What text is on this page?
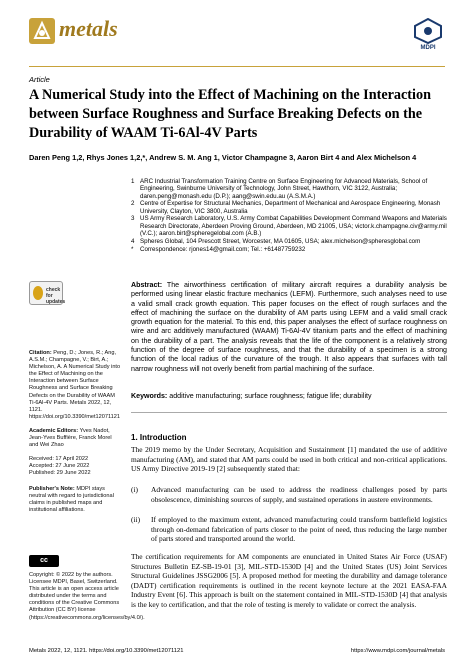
metals
MDPI
Article
A Numerical Study into the Effect of Machining on the Interaction between Surface Roughness and Surface Breaking Defects on the Durability of WAAM Ti-6Al-4V Parts
Daren Peng 1,2, Rhys Jones 1,2,*, Andrew S. M. Ang 1, Victor Champagne 3, Aaron Birt 4 and Alex Michelson 4
1 ARC Industrial Transformation Training Centre on Surface Engineering for Advanced Materials, School of Engineering, Swinburne University of Technology, John Street, Hawthorn, VIC 3122, Australia; daren.peng@monash.edu (D.P.); aang@swin.edu.au (A.S.M.A.)
2 Centre of Expertise for Structural Mechanics, Department of Mechanical and Aerospace Engineering, Monash University, Clayton, VIC 3800, Australia
3 US Army Research Laboratory, U.S. Army Combat Capabilities Development Command Weapons and Materials Research Directorate, Aberdeen Proving Ground, Aberdeen, MD 21005, USA; victor.k.champagne.civ@army.mil (V.C.); aaron.birt@spheregelobal.com (A.B.)
4 Spheres Global, 104 Prescott Street, Worcester, MA 01605, USA; alex.michelson@spheresglobal.com
*	Correspondence: rjones14@gmail.com; Tel.: +61487759232
Abstract: The airworthiness certification of military aircraft requires a durability analysis be performed using linear elastic fracture mechanics (LEFM). Furthermore, such analyses need to use a valid small crack growth equation. This paper focuses on the effect of rough surfaces and the effect of machining the surface on the durability of AM parts using LEFM and a valid small crack growth equation for the material. To this end, this paper analyses the effect of surface roughness on wire and arc additively manufactured (WAAM) Ti-6Al-4V titanium parts and the effect of machining on the durability of a part. The analysis reveals that the life of the component is a relatively strong function of the degree of surface roughness, and that the durability of a specimen is a strong function of the local radius of the curvature of the trough. It also appears that surfaces with tall narrow roughness will not overly benefit from partial machining of the surface.
Keywords: additive manufacturing; surface roughness; fatigue life; durability
check for updates
Citation: Peng, D.; Jones, R.; Ang, A.S.M.; Champagne, V.; Birt, A.; Michelson, A. A Numerical Study into the Effect of Machining on the Interaction between Surface Roughness and Surface Breaking Defects on the Durability of WAAM Ti-6Al-4V Parts. Metals 2022, 12, 1121. https://doi.org/10.3390/met12071121
Academic Editors: Yves Nadot, Jean-Yves Buffière, Franck Morel and Wei Zhao
Received: 17 April 2022
Accepted: 27 June 2022
Published: 29 June 2022
Publisher's Note: MDPI stays neutral with regard to jurisdictional claims in published maps and institutional affiliations.
cc
Copyright: © 2022 by the authors. Licensee MDPI, Basel, Switzerland. This article is an open access article distributed under the terms and conditions of the Creative Commons Attribution (CC BY) license (https://creativecommons.org/licenses/by/4.0/).
1. Introduction
The 2019 memo by the Under Secretary, Acquisition and Sustainment [1] mandated the use of additive manufacturing (AM), and stated that AM parts could be used in both critical and non-critical applications. US Army Directive 2019-19 [2] subsequently stated that:
(i)	Advanced manufacturing can be used to address the readiness challenges posed by parts obsolescence, diminishing sources of supply, and sustained operations in austere environments.
(ii)	If employed to the maximum extent, advanced manufacturing could transform battlefield logistics through on-demand fabrication of parts closer to the point of need, thus reducing the large number of parts stored and transported around the world.
The certification requirements for AM components are enunciated in United States Air Force (USAF) Structures Bulletin EZ-SB-19-01 [3], MIL-STD-1530D [4] and the United States (US) Joint Services Structural Guidelines JSSG2006 [5]. A proposed method for meeting the durability and damage tolerance (DADT) certification requirements is outlined in the recent keynote lecture at the 2021 EASA-FAA Industry Event [6]. This approach is built on the statement contained in MIL-STD-1530D [4] that analysis is the key to certification, and that the role of testing is merely to validate or correct the analysis.
Metals 2022, 12, 1121. https://doi.org/10.3390/met12071121	https://www.mdpi.com/journal/metals
